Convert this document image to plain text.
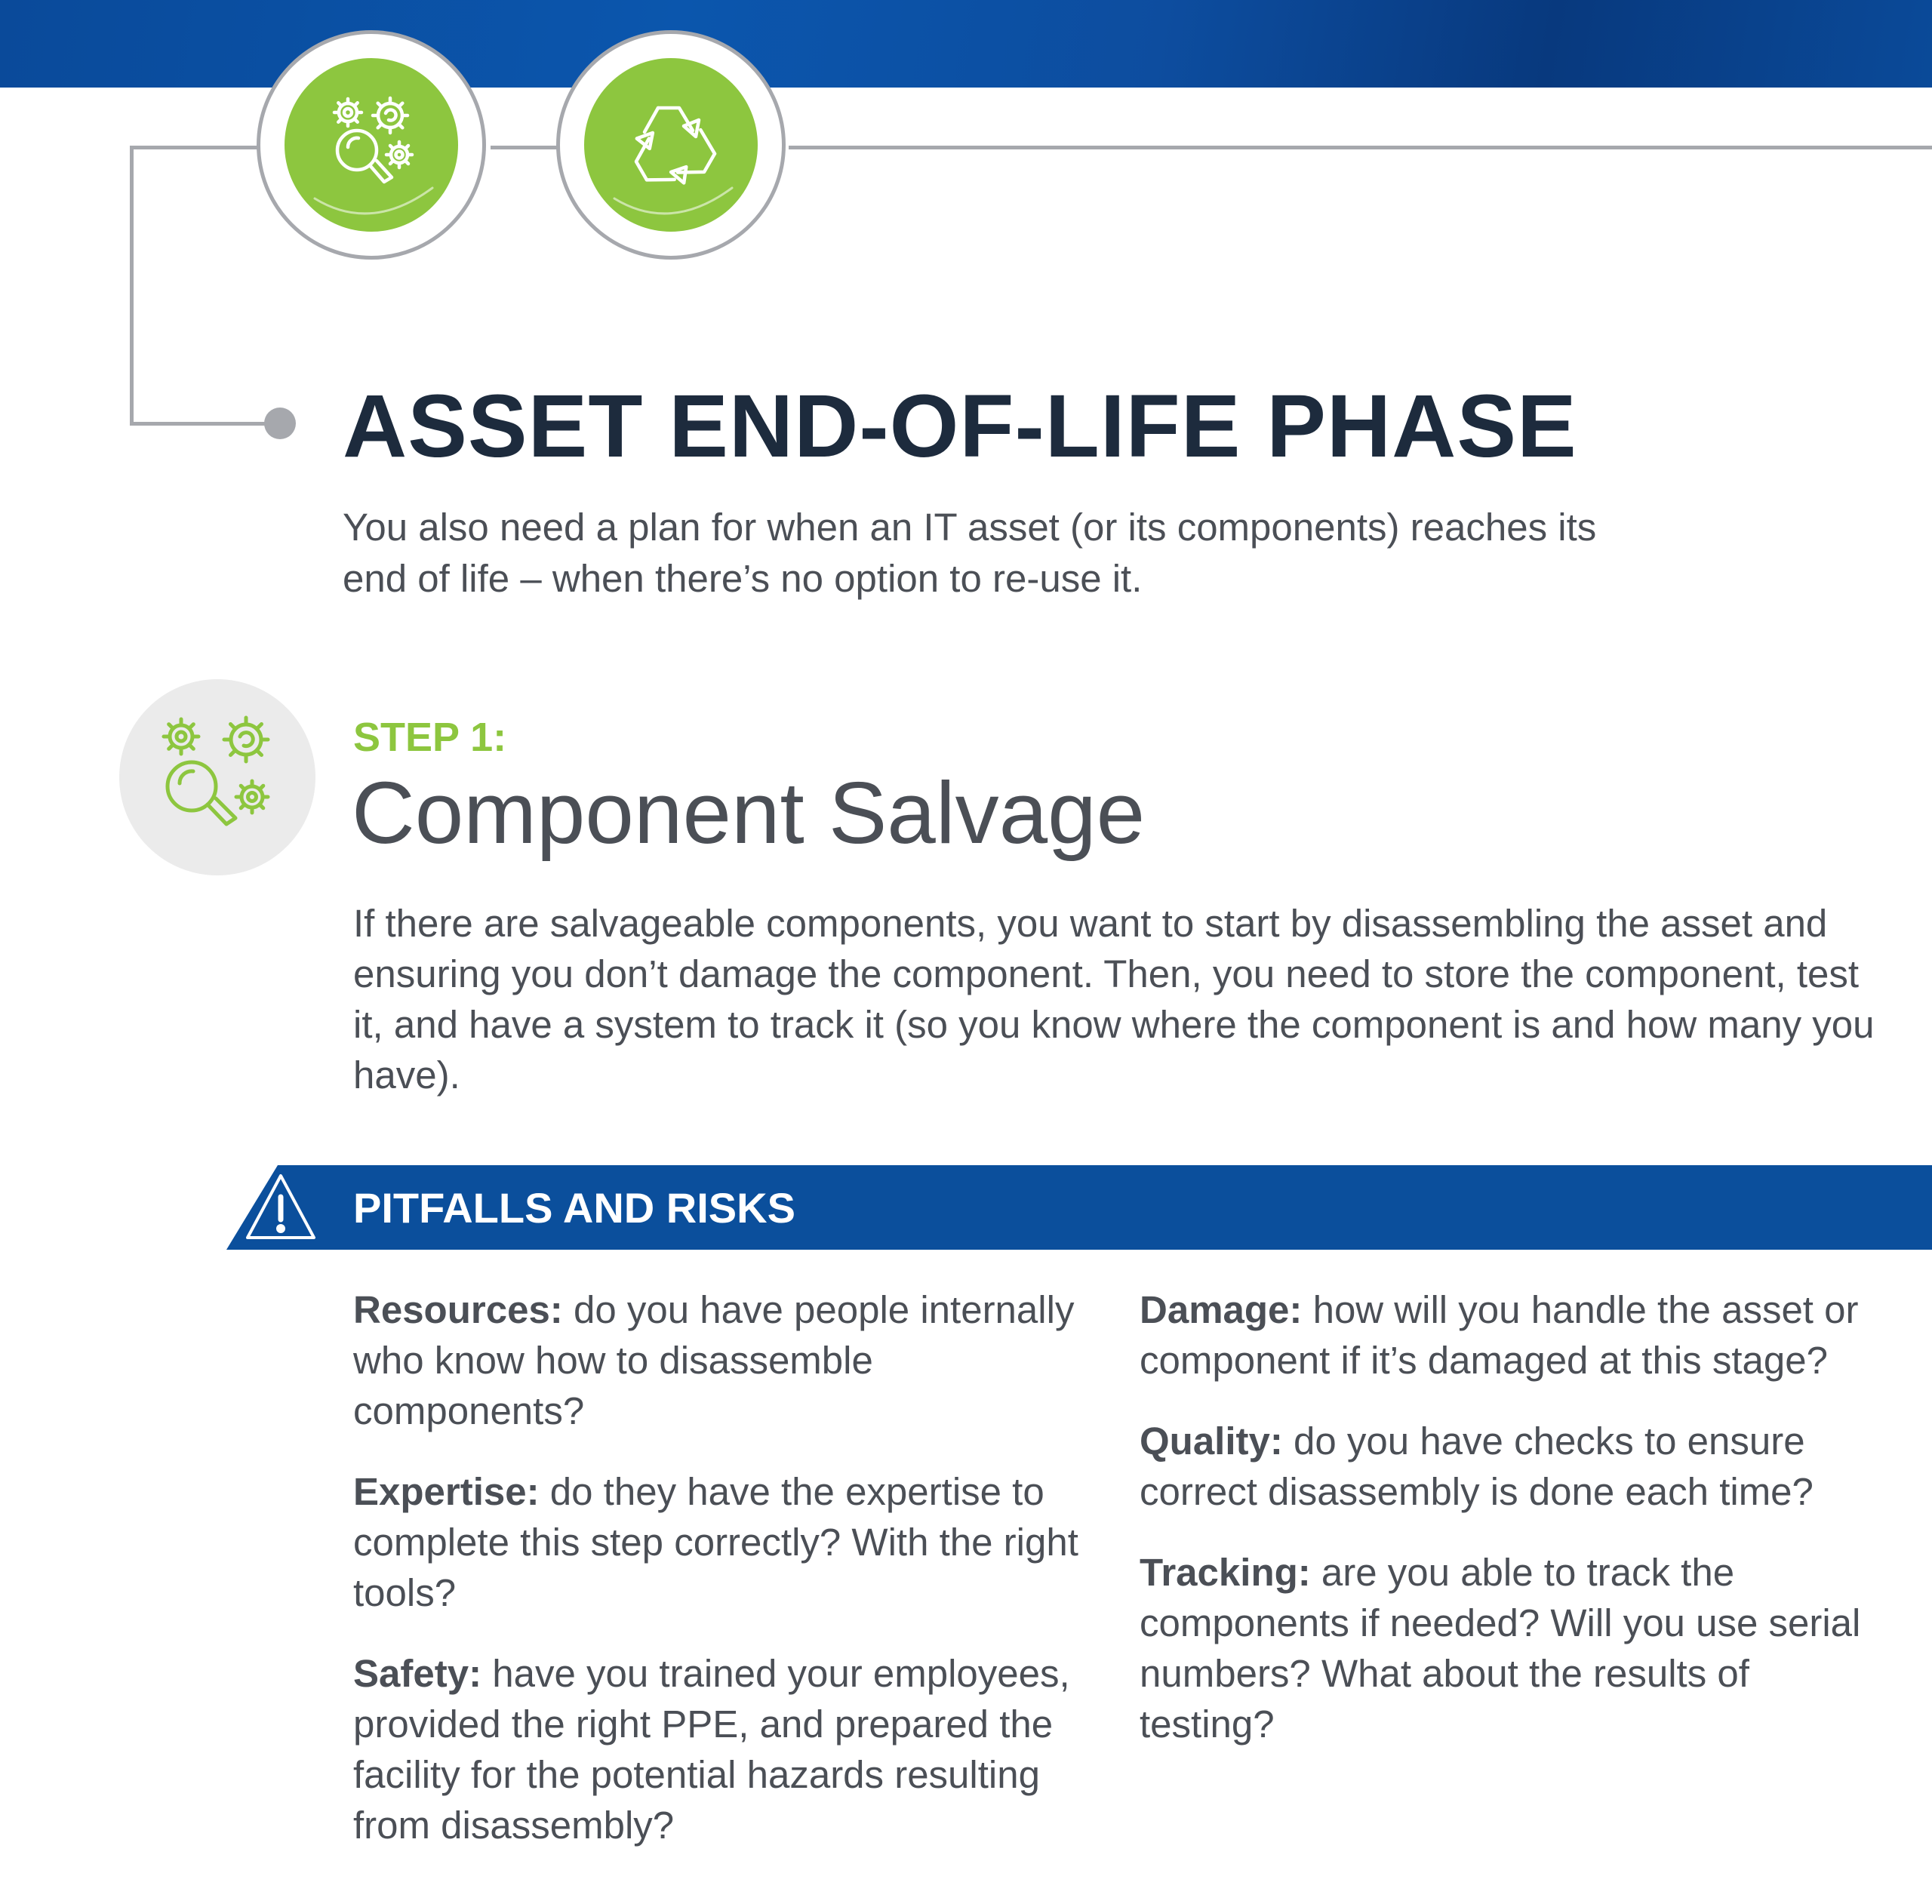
ASSET END-OF-LIFE PHASE

You also need a plan for when an IT asset (or its components) reaches its end of life – when there’s no option to re-use it.

STEP 1:
Component Salvage

If there are salvageable components, you want to start by disassembling the asset and ensuring you don’t damage the component. Then, you need to store the component, test it, and have a system to track it (so you know where the component is and how many you have).

PITFALLS AND RISKS

Resources: do you have people internally who know how to disassemble components?

Expertise: do they have the expertise to complete this step correctly? With the right tools?

Safety: have you trained your employees, provided the right PPE, and prepared the facility for the potential hazards resulting from disassembly?

Damage: how will you handle the asset or component if it’s damaged at this stage?

Quality: do you have checks to ensure correct disassembly is done each time?

Tracking: are you able to track the components if needed? Will you use serial numbers? What about the results of testing?
